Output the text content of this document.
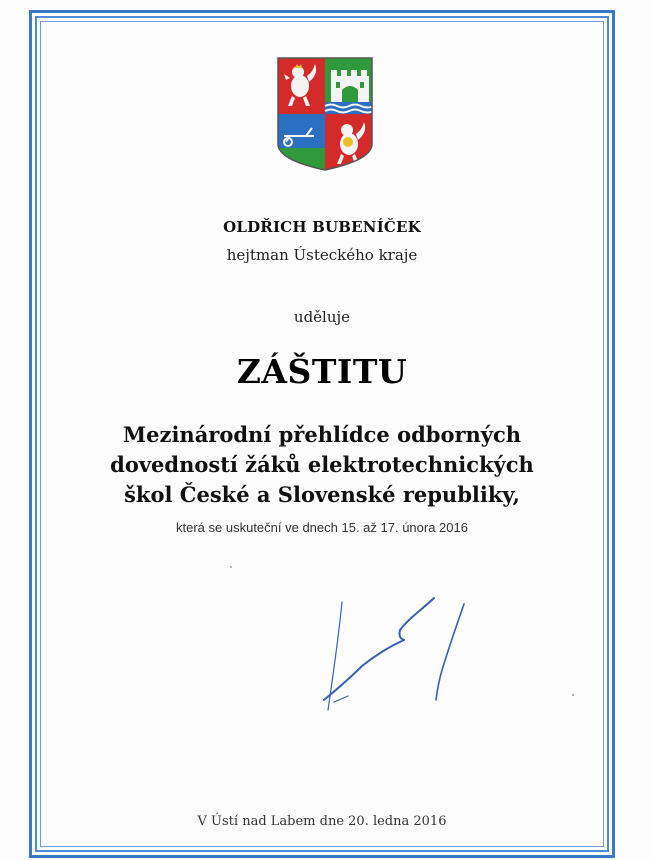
OLDŘICH BUBENÍČEK
hejtman Ústeckého kraje
uděluje
ZÁŠTITU
Mezinárodní přehlídce odborných
dovedností žáků elektrotechnických
škol České a Slovenské republiky,
která se uskuteční ve dnech 15. až 17. února 2016
V Ústí nad Labem dne 20. ledna 2016
